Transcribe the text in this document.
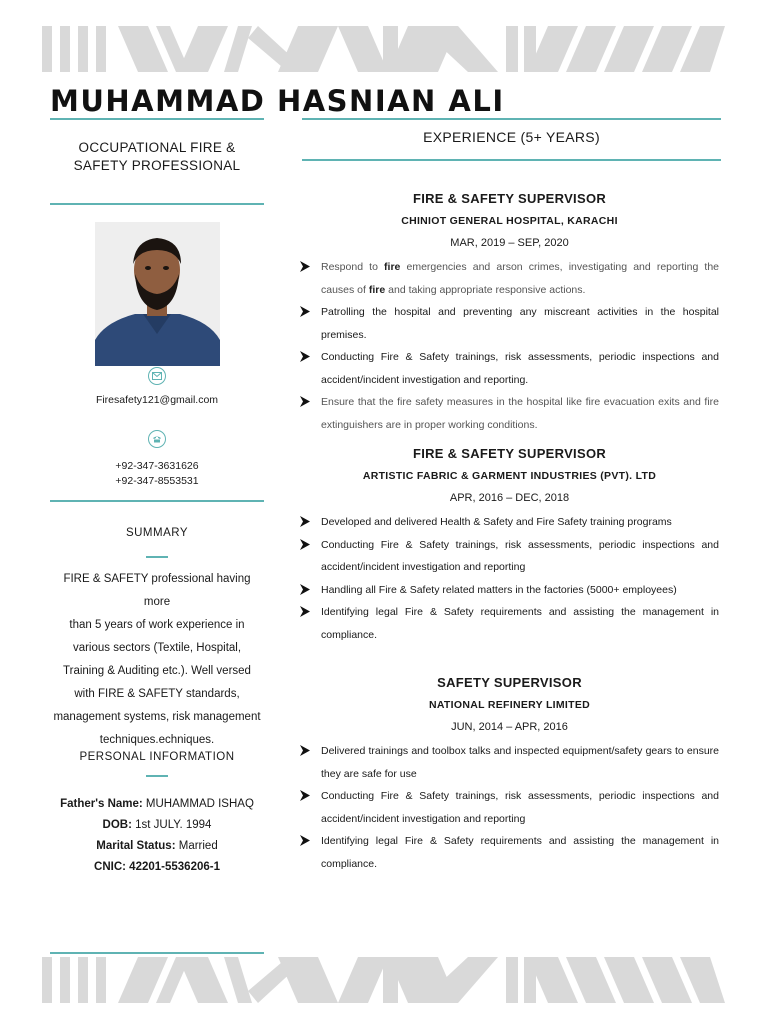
MUHAMMAD HASNIAN ALI
OCCUPATIONAL FIRE &
SAFETY PROFESSIONAL
Firesafety121@gmail.com
+92-347-3631626
+92-347-8553531
SUMMARY
FIRE & SAFETY professional having more
than 5 years of work experience in
various sectors (Textile, Hospital,
Training & Auditing etc.). Well versed
with FIRE & SAFETY standards,
management systems, risk management
techniques.echniques.
PERSONAL INFORMATION
Father's Name: MUHAMMAD ISHAQ
DOB: 1st JULY. 1994
Marital Status: Married
CNIC: 42201-5536206-1
EXPERIENCE (5+ YEARS)
FIRE & SAFETY SUPERVISOR
CHINIOT GENERAL HOSPITAL, KARACHI
MAR, 2019 – SEP, 2020
Respond to fire emergencies and arson crimes, investigating and reporting the causes of fire and taking appropriate responsive actions.
Patrolling the hospital and preventing any miscreant activities in the hospital premises.
Conducting Fire & Safety trainings, risk assessments, periodic inspections and accident/incident investigation and reporting.
Ensure that the fire safety measures in the hospital like fire evacuation exits and fire extinguishers are in proper working conditions.
FIRE & SAFETY SUPERVISOR
ARTISTIC FABRIC & GARMENT INDUSTRIES (PVT). LTD
APR, 2016 – DEC, 2018
Developed and delivered Health & Safety and Fire Safety training programs
Conducting Fire & Safety trainings, risk assessments, periodic inspections and accident/incident investigation and reporting
Handling all Fire & Safety related matters in the factories (5000+ employees)
Identifying legal Fire & Safety requirements and assisting the management in compliance.
SAFETY SUPERVISOR
NATIONAL REFINERY LIMITED
JUN, 2014 – APR, 2016
Delivered trainings and toolbox talks and inspected equipment/safety gears to ensure they are safe for use
Conducting Fire & Safety trainings, risk assessments, periodic inspections and accident/incident investigation and reporting
Identifying legal Fire & Safety requirements and assisting the management in compliance.
